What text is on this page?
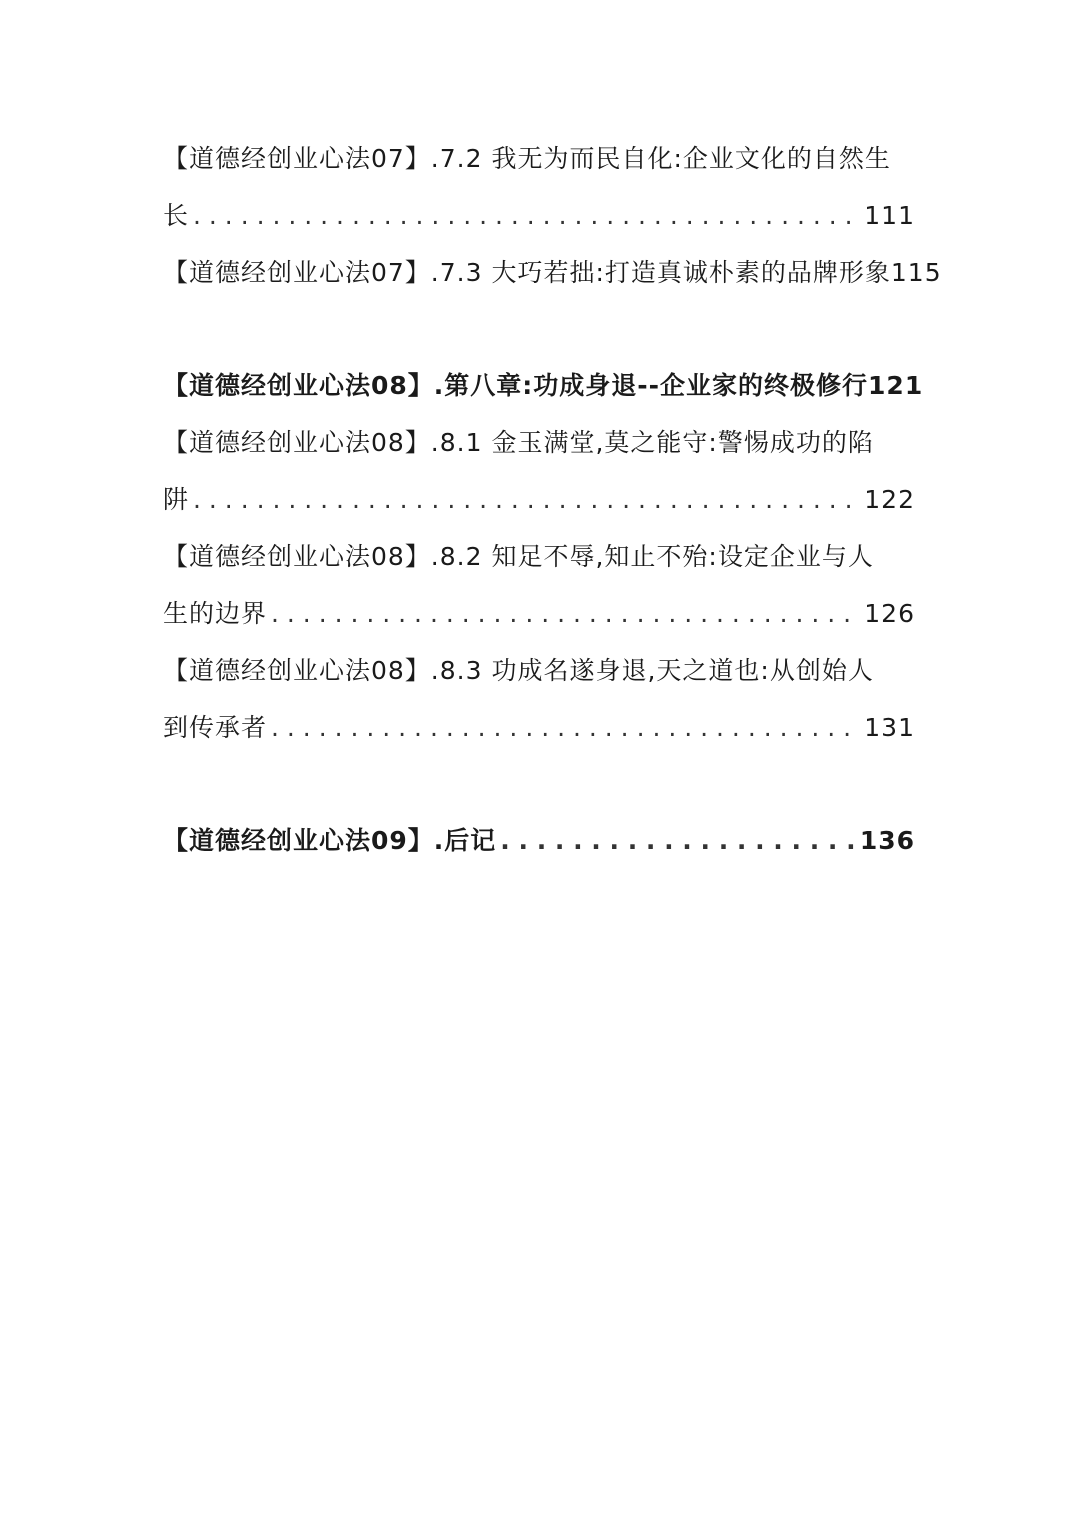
【道德经创业心法07】.7.2 我无为而民自化:企业文化的自然生
长 . . .	111
【道德经创业心法07】.7.3 大巧若拙:打造真诚朴素的品牌形象115
【道德经创业心法08】.第八章:功成身退--企业家的终极修行121
【道德经创业心法08】.8.1 金玉满堂,莫之能守:警惕成功的陷
阱 . . .	122
【道德经创业心法08】.8.2 知足不辱,知止不殆:设定企业与人
生的边界 . . .	126
【道德经创业心法08】.8.3 功成名遂身退,天之道也:从创始人
到传承者 . . .	131
【道德经创业心法09】.后记 . . .	136
